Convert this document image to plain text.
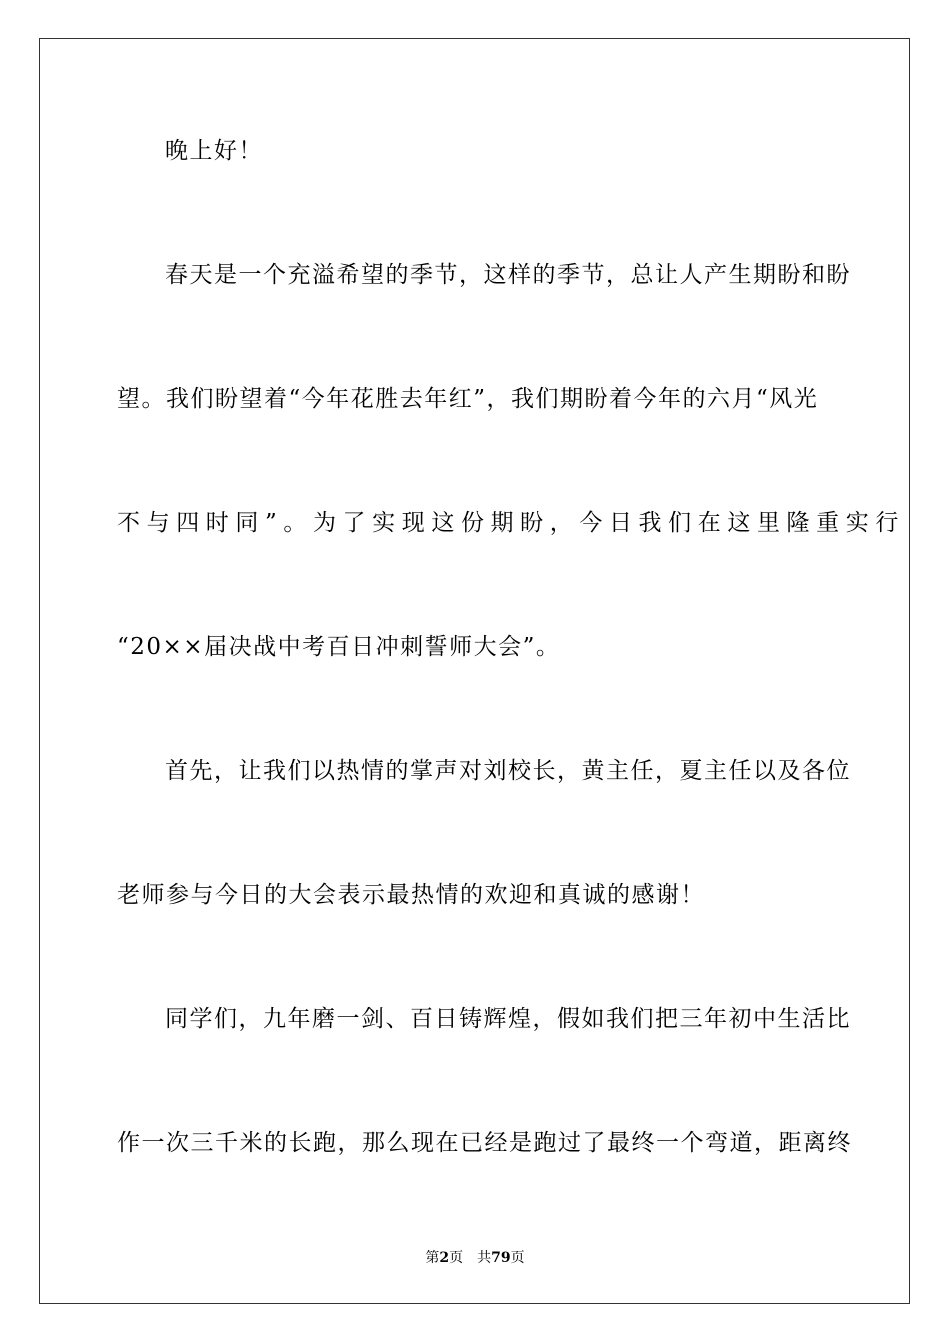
晚上好！
春天是一个充溢希望的季节，这样的季节，总让人产生期盼和盼
望。我们盼望着“今年花胜去年红”，我们期盼着今年的六月“风光
不与四时同”。为了实现这份期盼，今日我们在这里隆重实行
“20××届决战中考百日冲刺誓师大会”。
首先，让我们以热情的掌声对刘校长，黄主任，夏主任以及各位
老师参与今日的大会表示最热情的欢迎和真诚的感谢！
同学们，九年磨一剑、百日铸辉煌，假如我们把三年初中生活比
作一次三千米的长跑，那么现在已经是跑过了最终一个弯道，距离终
第2页 共79页
